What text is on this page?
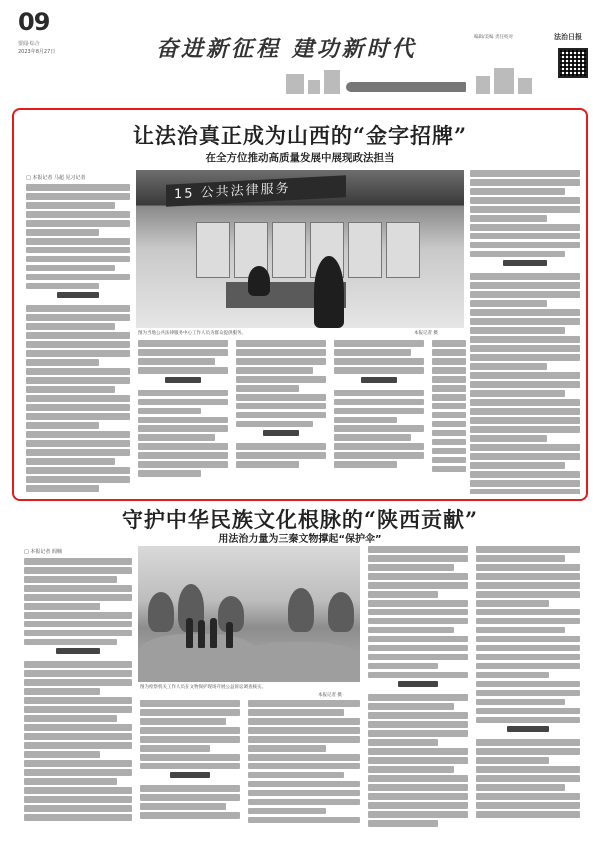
09
要闻·综合
2023年8月27日	奋进新征程 建功新时代	编辑/美编 责任校对	法治日报
让法治真正成为山西的“金字招牌”
在全方位推动高质量发展中展现政法担当
□ 本报记者 马超 见习记者
15 公共法律服务
图为当地公共法律服务中心工作人员为群众提供服务。	本报记者 摄
守护中华民族文化根脉的“陕西贡献”
用法治力量为三秦文物撑起“保护伞”
□ 本报记者 阎楠
图为检察机关工作人员在文物保护现场开展公益诉讼调查核实。
本报记者 摄
